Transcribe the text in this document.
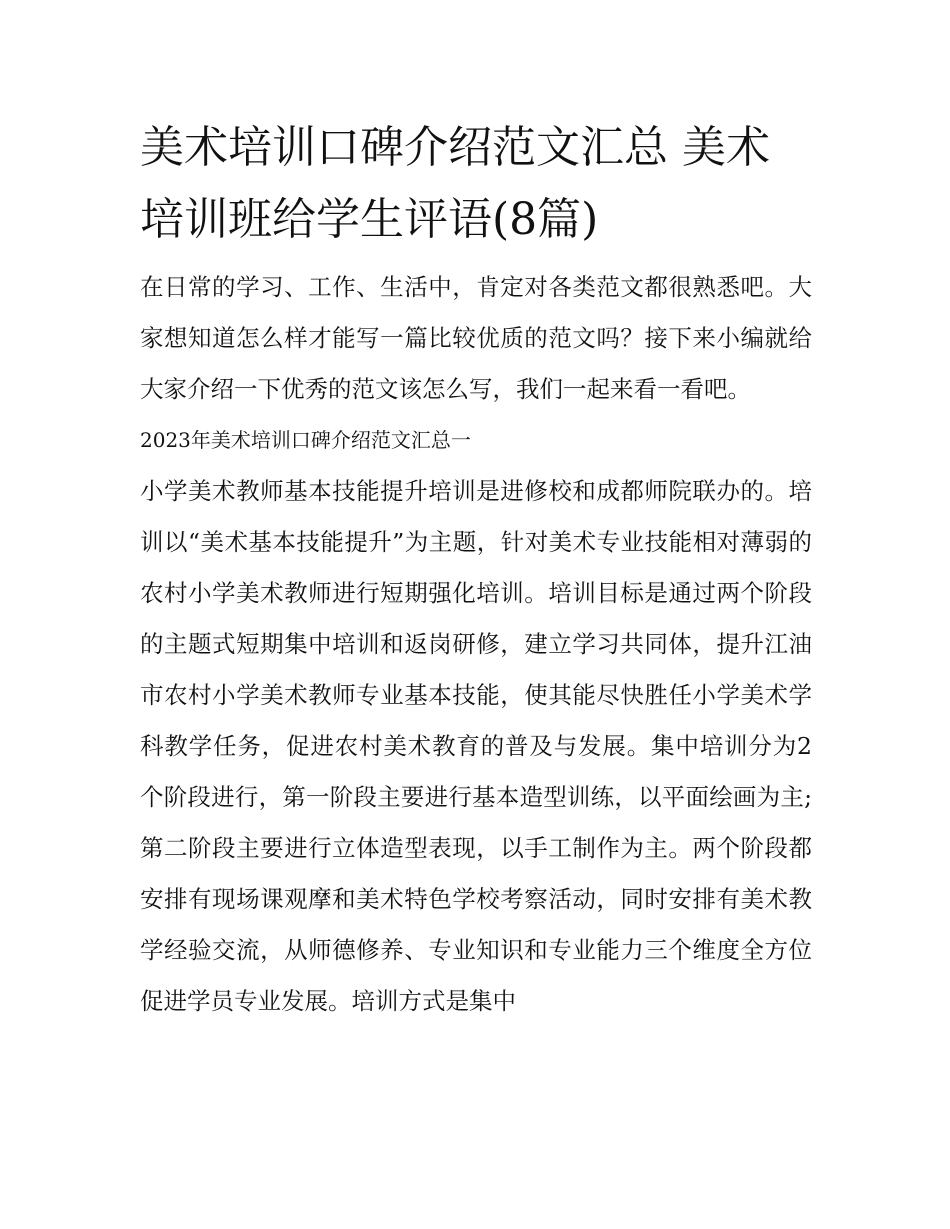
美术培训口碑介绍范文汇总 美术培训班给学生评语(8篇)

在日常的学习、工作、生活中，肯定对各类范文都很熟悉吧。大家想知道怎么样才能写一篇比较优质的范文吗？接下来小编就给大家介绍一下优秀的范文该怎么写，我们一起来看一看吧。

2023年美术培训口碑介绍范文汇总一

小学美术教师基本技能提升培训是进修校和成都师院联办的。培训以“美术基本技能提升”为主题，针对美术专业技能相对薄弱的农村小学美术教师进行短期强化培训。培训目标是通过两个阶段的主题式短期集中培训和返岗研修，建立学习共同体，提升江油市农村小学美术教师专业基本技能，使其能尽快胜任小学美术学科教学任务，促进农村美术教育的普及与发展。集中培训分为2个阶段进行，第一阶段主要进行基本造型训练，以平面绘画为主;第二阶段主要进行立体造型表现，以手工制作为主。两个阶段都安排有现场课观摩和美术特色学校考察活动，同时安排有美术教学经验交流，从师德修养、专业知识和专业能力三个维度全方位促进学员专业发展。培训方式是集中
